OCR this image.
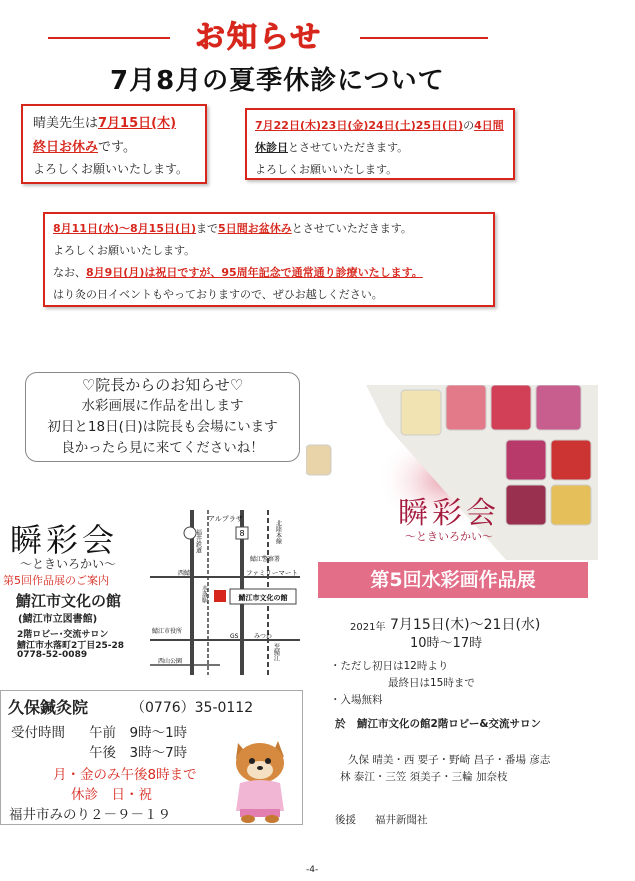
お知らせ
7月8月の夏季休診について

晴美先生は7月15日(木)

終日お休みです。

よろしくお願いいたします。

7月22日(木)23日(金)24日(土)25日(日)の4日間

休診日とさせていただきます。

よろしくお願いいたします。

8月11日(水)～8月15日(日)まで5日間お盆休みとさせていただきます。

よろしくお願いいたします。

なお、8月9日(月)は祝日ですが、95周年記念で通常通り診療いたします。

はり灸の日イベントもやっておりますので、ぜひお越しください。

♡院長からのお知らせ♡

水彩画展に作品を出します

初日と18日(日)は院長も会場にいます

良かったら見に来てくださいね！

瞬彩会
〜ときいろかい〜
第5回作品展のご案内
鯖江市文化の館
(鯖江市立図書館)
2階ロビー･交流サロン
鯖江市水落町2丁目25-28
0778-52-0089
8
アルプラザ
福井鉄道	北陸本線
鯖江警察署
西鯖	ファミリーマート
水落駅	鯖江市文化の館
鯖江市役所
GS	みつわ
西山公園
至鯖江
久保鍼灸院	（0776）35-0112
受付時間 午前　9時～1時
午後　3時～7時
月・金のみ午後8時まで
休診　日・祝
福井市みのり２－９－１９
瞬彩会
〜ときいろかい〜
第5回水彩画作品展
2021年 7月15日(木)～21日(水)
10時～17時
・ただし初日は12時より
最終日は15時まで
・入場無料
於 鯖江市文化の館2階ロビー&交流サロン
久保 晴美・西 要子・野崎 昌子・番場 彦志
林 泰江・三笠 須美子・三輪 加奈枝
後援 福井新聞社
-4-
